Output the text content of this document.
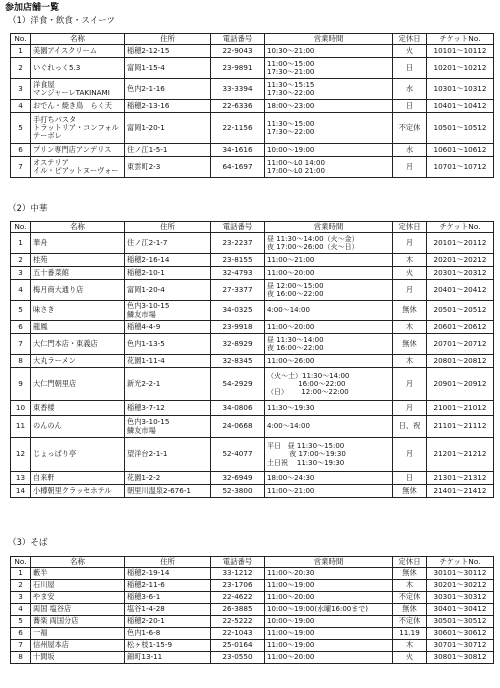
参加店舗一覧
（1）洋食・飲食・スイーツ
No.	名称	住所	電話番号	営業時間	定休日	チケットNo.
1	美園アイスクリーム	稲穂2-12-15	22-9043	10:30～21:00	火	10101～10112
2	いぐれっく5.3	富岡1-15-4	23-9891	11:00～15:00
17:30～21:00	日	10201～10212
3	洋食屋
マンジャーレTAKINAMI	色内2-1-16	33-3394	11:30～15:15
17:30～22:00	水	10301～10312
4	おでん・焼き鳥　らく天	稲穂2-13-16	22-6336	18:00～23:00	日	10401～10412
5	手打ちパスタ
トラットリア・コンフォル
テーボレ	富岡1-20-1	22-1156	11:30～15:00
17:30～22:00	不定休	10501～10512
6	プリン専門店アンデリス	住ノ江1-5-1	34-1616	10:00～19:00	水	10601～10612
7	オステリア
イル・ピアットヌーヴォー	東雲町2-3	64-1697	11:00～L0 14:00
17:00～L0 21:00	月	10701～10712
（2）中華
No.	名称	住所	電話番号	営業時間	定休日	チケットNo.
1	華舟	住ノ江2-1-7	23-2237	昼 11:30～14:00（火～金）
夜 17:00～26:00（火～日）	月	20101～20112
2	桂苑	稲穂2-16-14	23-8155	11:00～21:00	木	20201～20212
3	五十番菜館	稲穂2-10-1	32-4793	11:00～20:00	火	20301～20312
4	梅月商大通り店	富岡1-20-4	27-3377	昼 12:00～15:00
夜 16:00～22:00	月	20401～20412
5	味さき	色内3-10-15
鱗友市場	34-0325	4:00～14:00	無休	20501～20512
6	龍鳳	稲穂4-4-9	23-9918	11:00～20:00	木	20601～20612
7	大仁門本店・東義店	色内1-13-5	32-8929	昼 11:30～14:00
夜 16:00～22:00	無休	20701～20712
8	大丸ラーメン	花園1-11-4	32-8345	11:00～26:00	木	20801～20812
9	大仁門朝里店	新光2-2-1	54-2929	（火～土）11:30～14:00
16:00～22:00
（日）      12:00～22:00	月	20901～20912
10	東香楼	稲穂3-7-12	34-0806	11:30～19:30	月	21001～21012
11	のんのん	色内3-10-15
鱗友市場	24-0668	4:00～14:00	日、祝	21101～21112
12	じょっぱり亭	望洋台2-1-1	52-4077	平日   昼 11:30～15:00
夜 17:00～19:30
土日祝    11:30～19:30	月	21201～21212
13	自来軒	花園1-2-2	32-6949	18:00～24:30	日	21301～21312
14	小樽朝里クラッセホテル	朝里川温泉2-676-1	52-3800	11:00～21:00	無休	21401～21412
（3）そば
No.	名称	住所	電話番号	営業時間	定休日	チケットNo.
1	藪半	稲穂2-19-14	33-1212	11:00～20:30	無休	30101～30112
2	石川屋	稲穂2-11-6	23-1706	11:00～19:00	木	30201～30212
3	やま安	稲穂3-6-1	22-4622	11:00～20:00	不定休	30301～30312
4	両国 塩谷店	塩谷1-4-28	26-3885	10:00～19:00(水曜16:00まで)	無休	30401～30412
5	蕎楽 両国分店	稲穂2-20-1	22-5222	10:00～19:00	不定休	30501～30512
6	一福	色内1-6-8	22-1043	11:00～19:00	11.19	30601～30612
7	信州屋本店	松ヶ枝1-15-9	25-0164	11:00～19:00	木	30701～30712
8	十間坂	錦町13-11	23-0550	11:00～20:00	火	30801～30812
